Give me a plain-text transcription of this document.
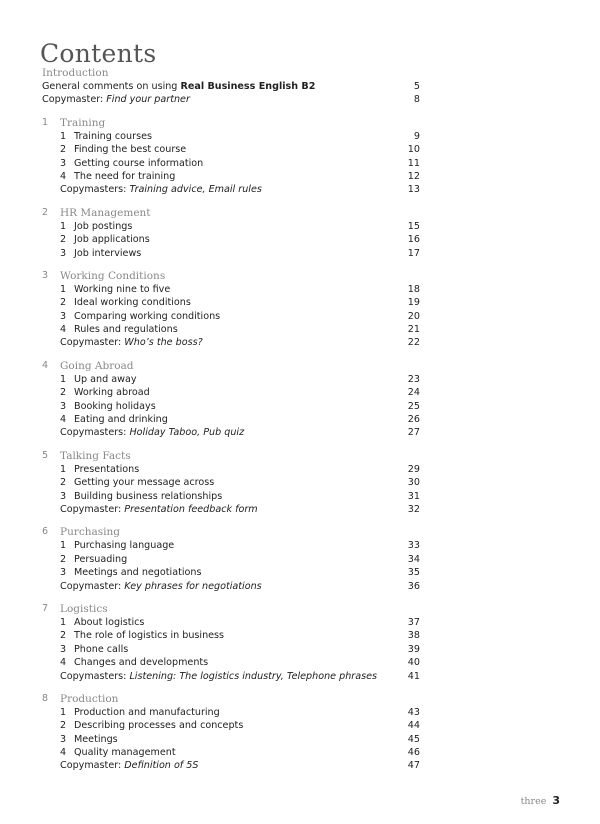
Contents
Introduction
General comments on using Real Business English B2	5
Copymaster: Find your partner	8
1 Training
1 Training courses	9
2 Finding the best course	10
3 Getting course information	11
4 The need for training	12
Copymasters: Training advice, Email rules	13
2 HR Management
1 Job postings	15
2 Job applications	16
3 Job interviews	17
3 Working Conditions
1 Working nine to five	18
2 Ideal working conditions	19
3 Comparing working conditions	20
4 Rules and regulations	21
Copymaster: Who’s the boss?	22
4 Going Abroad
1 Up and away	23
2 Working abroad	24
3 Booking holidays	25
4 Eating and drinking	26
Copymasters: Holiday Taboo, Pub quiz	27
5 Talking Facts
1 Presentations	29
2 Getting your message across	30
3 Building business relationships	31
Copymaster: Presentation feedback form	32
6 Purchasing
1 Purchasing language	33
2 Persuading	34
3 Meetings and negotiations	35
Copymaster: Key phrases for negotiations	36
7 Logistics
1 About logistics	37
2 The role of logistics in business	38
3 Phone calls	39
4 Changes and developments	40
Copymasters: Listening: The logistics industry, Telephone phrases	41
8 Production
1 Production and manufacturing	43
2 Describing processes and concepts	44
3 Meetings	45
4 Quality management	46
Copymaster: Definition of 5S	47
three 3
